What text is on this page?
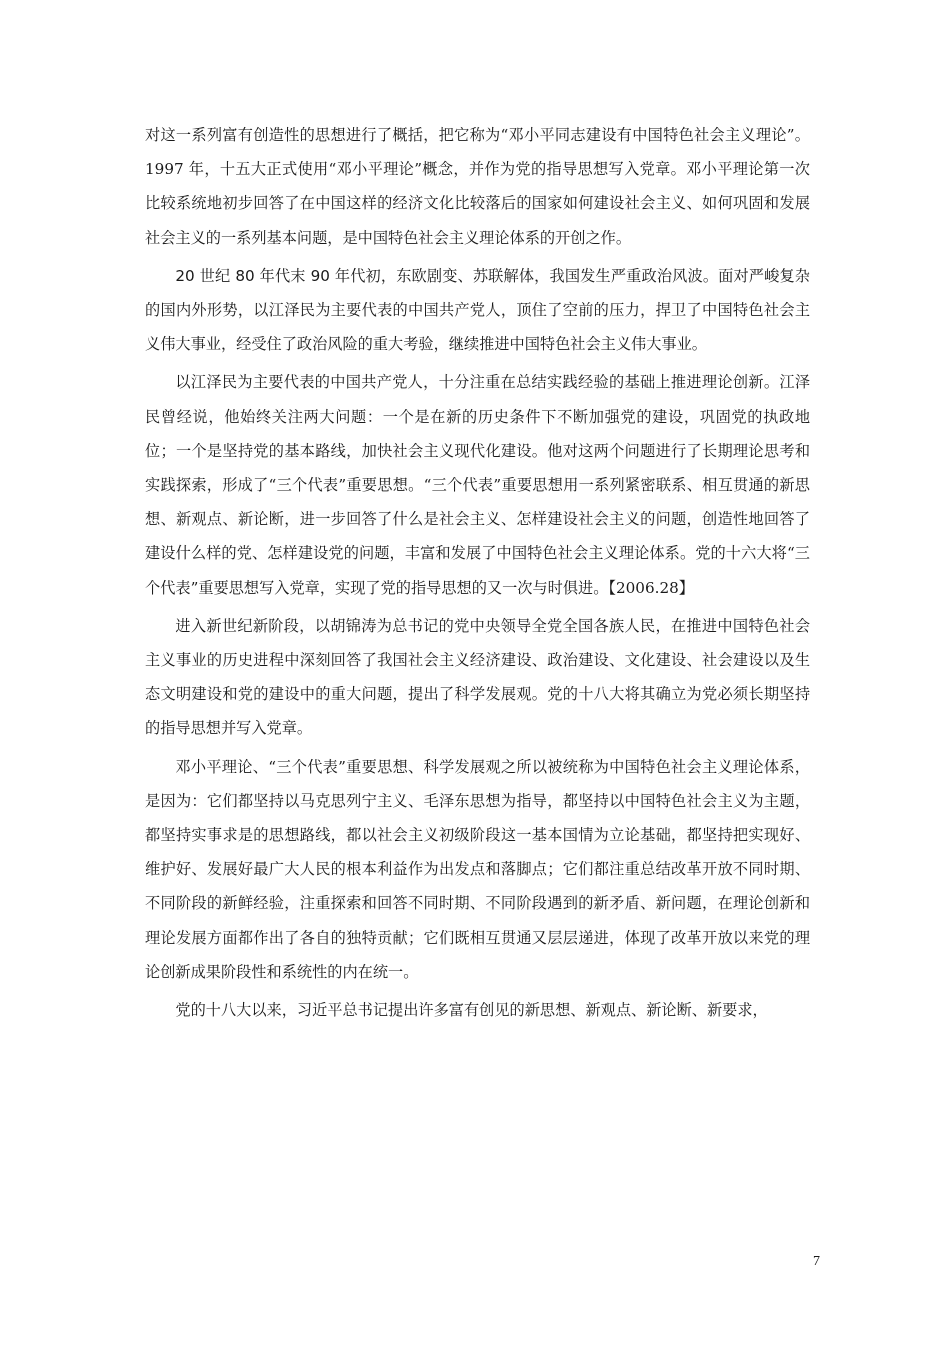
对这一系列富有创造性的思想进行了概括，把它称为“邓小平同志建设有中国特色社会主义理论”。1997 年，十五大正式使用“邓小平理论”概念，并作为党的指导思想写入党章。邓小平理论第一次比较系统地初步回答了在中国这样的经济文化比较落后的国家如何建设社会主义、如何巩固和发展社会主义的一系列基本问题，是中国特色社会主义理论体系的开创之作。

20 世纪 80 年代末 90 年代初，东欧剧变、苏联解体，我国发生严重政治风波。面对严峻复杂的国内外形势，以江泽民为主要代表的中国共产党人，顶住了空前的压力，捍卫了中国特色社会主义伟大事业，经受住了政治风险的重大考验，继续推进中国特色社会主义伟大事业。

以江泽民为主要代表的中国共产党人，十分注重在总结实践经验的基础上推进理论创新。江泽民曾经说，他始终关注两大问题：一个是在新的历史条件下不断加强党的建设，巩固党的执政地位；一个是坚持党的基本路线，加快社会主义现代化建设。他对这两个问题进行了长期理论思考和实践探索，形成了“三个代表”重要思想。“三个代表”重要思想用一系列紧密联系、相互贯通的新思想、新观点、新论断，进一步回答了什么是社会主义、怎样建设社会主义的问题，创造性地回答了建设什么样的党、怎样建设党的问题，丰富和发展了中国特色社会主义理论体系。党的十六大将“三个代表”重要思想写入党章，实现了党的指导思想的又一次与时俱进。【2006.28】

进入新世纪新阶段，以胡锦涛为总书记的党中央领导全党全国各族人民，在推进中国特色社会主义事业的历史进程中深刻回答了我国社会主义经济建设、政治建设、文化建设、社会建设以及生态文明建设和党的建设中的重大问题，提出了科学发展观。党的十八大将其确立为党必须长期坚持的指导思想并写入党章。

邓小平理论、“三个代表”重要思想、科学发展观之所以被统称为中国特色社会主义理论体系，是因为：它们都坚持以马克思列宁主义、毛泽东思想为指导，都坚持以中国特色社会主义为主题，都坚持实事求是的思想路线，都以社会主义初级阶段这一基本国情为立论基础，都坚持把实现好、维护好、发展好最广大人民的根本利益作为出发点和落脚点；它们都注重总结改革开放不同时期、不同阶段的新鲜经验，注重探索和回答不同时期、不同阶段遇到的新矛盾、新问题，在理论创新和理论发展方面都作出了各自的独特贡献；它们既相互贯通又层层递进，体现了改革开放以来党的理论创新成果阶段性和系统性的内在统一。

党的十八大以来，习近平总书记提出许多富有创见的新思想、新观点、新论断、新要求，

7
